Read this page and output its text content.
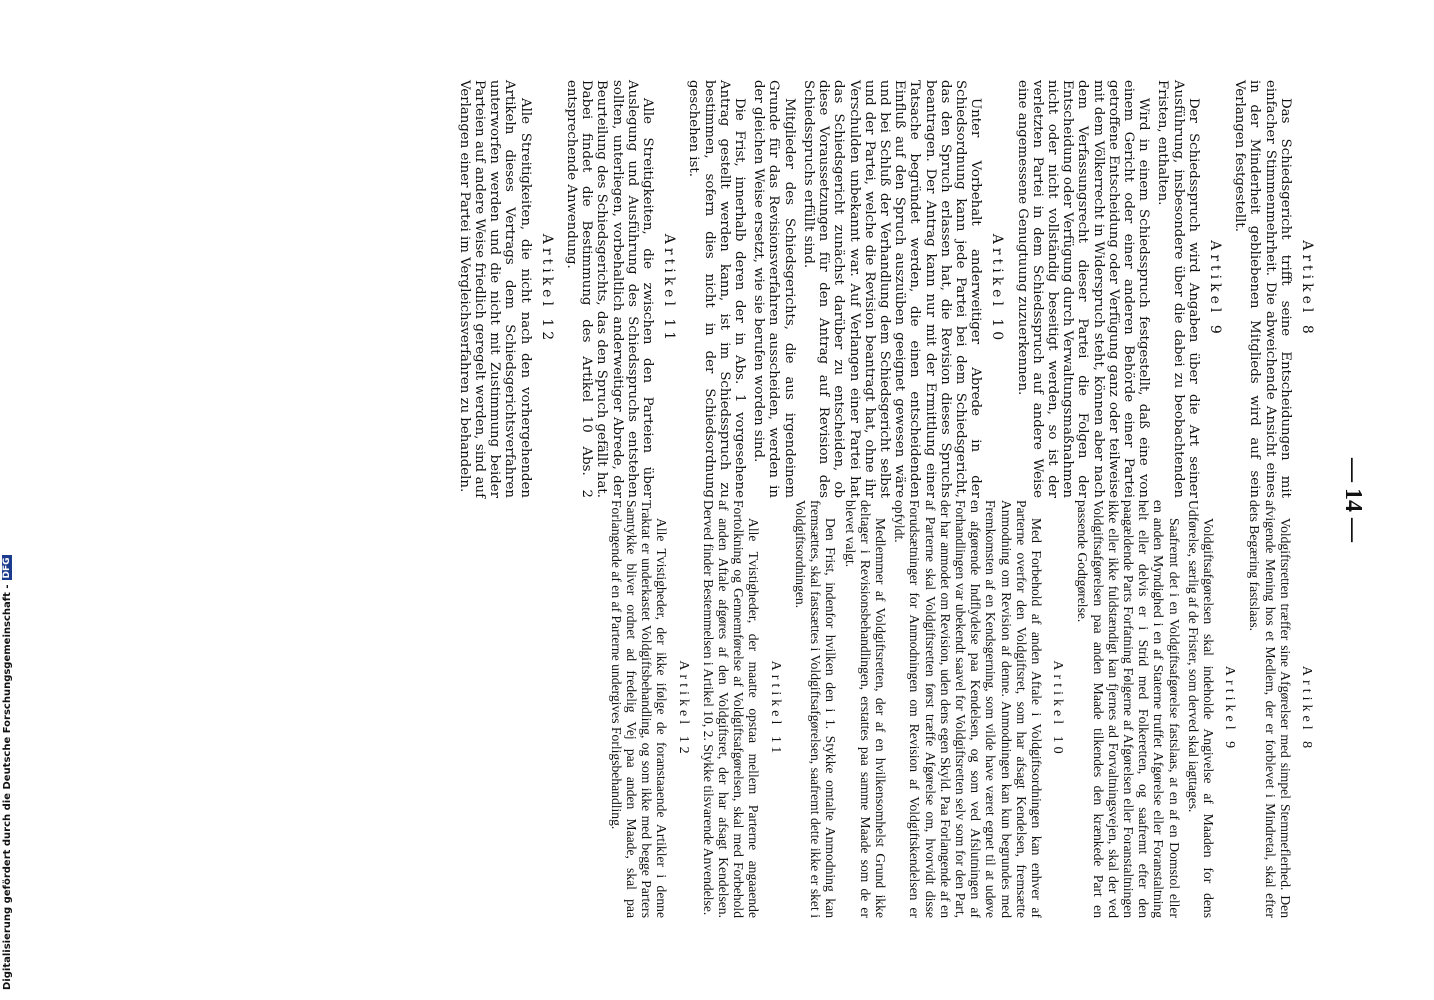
— 14 —
Artikel 8

Voldgiftsretten træffer sine Afgørelser med simpel Stemmeflerhed. Den afvigende Mening hos et Medlem, der er forblevet i Mindretal, skal efter dets Begæring fastslaas.

Artikel 9

Voldgiftsafgørelsen skal indeholde Angivelse af Maaden for dens Udførelse, særlig af de Frister, som derved skal iagttages.

Saafremt det i en Voldgiftsafgørelse fastslaas, at en af en Domstol eller en anden Myndighed i en af Staterne truffet Afgørelse eller Foranstaltning helt eller delvis er i Strid med Folkeretten, og saafremt efter den paagældende Parts Forfatning Følgerne af Afgørelsen eller Foranstaltningen ikke eller ikke fuldstændigt kan fjernes ad Forvaltningsvejen, skal der ved Voldgiftsafgørelsen paa anden Maade tilkendes den krænkede Part en passende Godtgørelse.

Artikel 10

Med Forbehold af anden Aftale i Voldgiftsordningen kan enhver af Parterne overfor den Voldgiftsret, som har afsagt Kendelsen, fremsætte Anmodning om Revision af denne. Anmodningen kan kun begrundes med Fremkomsten af en Kendsgerning, som vilde have været egnet til at udøve en afgørende Indflydelse paa Kendelsen, og som ved Afslutningen af Forhandlingen var ubekendt saavel for Voldgiftsretten selv som for den Part, der har anmodet om Revision, uden dens egen Skyld. Paa Forlangende af en af Parterne skal Voldgiftsretten først træffe Afgørelse om, hvorvidt disse Forudsætninger for Anmodningen om Revision af Voldgiftskendelsen er opfyldt.

Medlemmer af Voldgiftsretten, der af en hvilkensomhelst Grund ikke deltager i Revisionsbehandlingen, erstattes paa samme Maade som de er blevet valgt.

Den Frist, indenfor hvilken den i 1. Stykke omtalte Anmodning kan fremsættes, skal fastsættes i Voldgiftsafgørelsen, saafremt dette ikke er sket i Voldgiftsordningen.

Artikel 11

Alle Tvistigheder, der maatte opstaa mellem Parterne angaaende Fortolkning og Gennemførelse af Voldgiftsafgørelsen, skal med Forbehold af anden Aftale afgøres af den Voldgiftsret, der har afsagt Kendelsen. Derved finder Bestemmelsen i Artikel 10, 2. Stykke tilsvarende Anvendelse.

Artikel 12

Alle Tvistigheder, der ikke ifølge de foranstaaende Artikler i denne Traktat er underkastet Voldgiftsbehandling, og som ikke med begge Parters Samtykke bliver ordnet ad fredelig Vej paa anden Maade, skal paa Forlangende af en af Parterne undergives Forligsbehandling.

Artikel 8

Das Schiedsgericht trifft seine Entscheidungen mit einfacher Stimmenmehrheit. Die abweichende Ansicht eines in der Minderheit gebliebenen Mitglieds wird auf sein Verlangen festgestellt.

Artikel 9

Der Schiedsspruch wird Angaben über die Art seiner Ausführung, insbesondere über die dabei zu beobachtenden Fristen, enthalten.

Wird in einem Schiedsspruch festgestellt, daß eine von einem Gericht oder einer anderen Behörde einer Partei getroffene Entscheidung oder Verfügung ganz oder teilweise mit dem Völkerrecht in Widerspruch steht, können aber nach dem Verfassungsrecht dieser Partei die Folgen der Entscheidung oder Verfügung durch Verwaltungsmaßnahmen nicht oder nicht vollständig beseitigt werden, so ist der verletzten Partei in dem Schiedsspruch auf andere Weise eine angemessene Genugtuung zuzuerkennen.

Artikel 10

Unter Vorbehalt anderweitiger Abrede in der Schiedsordnung kann jede Partei bei dem Schiedsgericht, das den Spruch erlassen hat, die Revision dieses Spruchs beantragen. Der Antrag kann nur mit der Ermittlung einer Tatsache begründet werden, die einen entscheidenden Einfluß auf den Spruch auszuüben geeignet gewesen wäre und bei Schluß der Verhandlung dem Schiedsgericht selbst und der Partei, welche die Revision beantragt hat, ohne ihr Verschulden unbekannt war. Auf Verlangen einer Partei hat das Schiedsgericht zunächst darüber zu entscheiden, ob diese Voraussetzungen für den Antrag auf Revision des Schiedsspruchs erfüllt sind.

Mitglieder des Schiedsgerichts, die aus irgendeinem Grunde für das Revisionsverfahren ausscheiden, werden in der gleichen Weise ersetzt, wie sie berufen worden sind.

Die Frist, innerhalb deren der in Abs. 1 vorgesehene Antrag gestellt werden kann, ist im Schiedsspruch zu bestimmen, sofern dies nicht in der Schiedsordnung geschehen ist.

Artikel 11

Alle Streitigkeiten, die zwischen den Parteien über Auslegung und Ausführung des Schiedsspruchs entstehen sollten, unterliegen, vorbehaltlich anderweitiger Abrede, der Beurteilung des Schiedsgerichts, das den Spruch gefällt hat. Dabei findet die Bestimmung des Artikel 10 Abs. 2 entsprechende Anwendung.

Artikel 12

Alle Streitigkeiten, die nicht nach den vorhergehenden Artikeln dieses Vertrags dem Schiedsgerichtsverfahren unterworfen werden und die nicht mit Zustimmung beider Parteien auf andere Weise friedlich geregelt werden, sind auf Verlangen einer Partei im Vergleichsverfahren zu behandeln.

Digitalisierung gefördert durch die Deutsche Forschungsgemeinschaft -DFG
